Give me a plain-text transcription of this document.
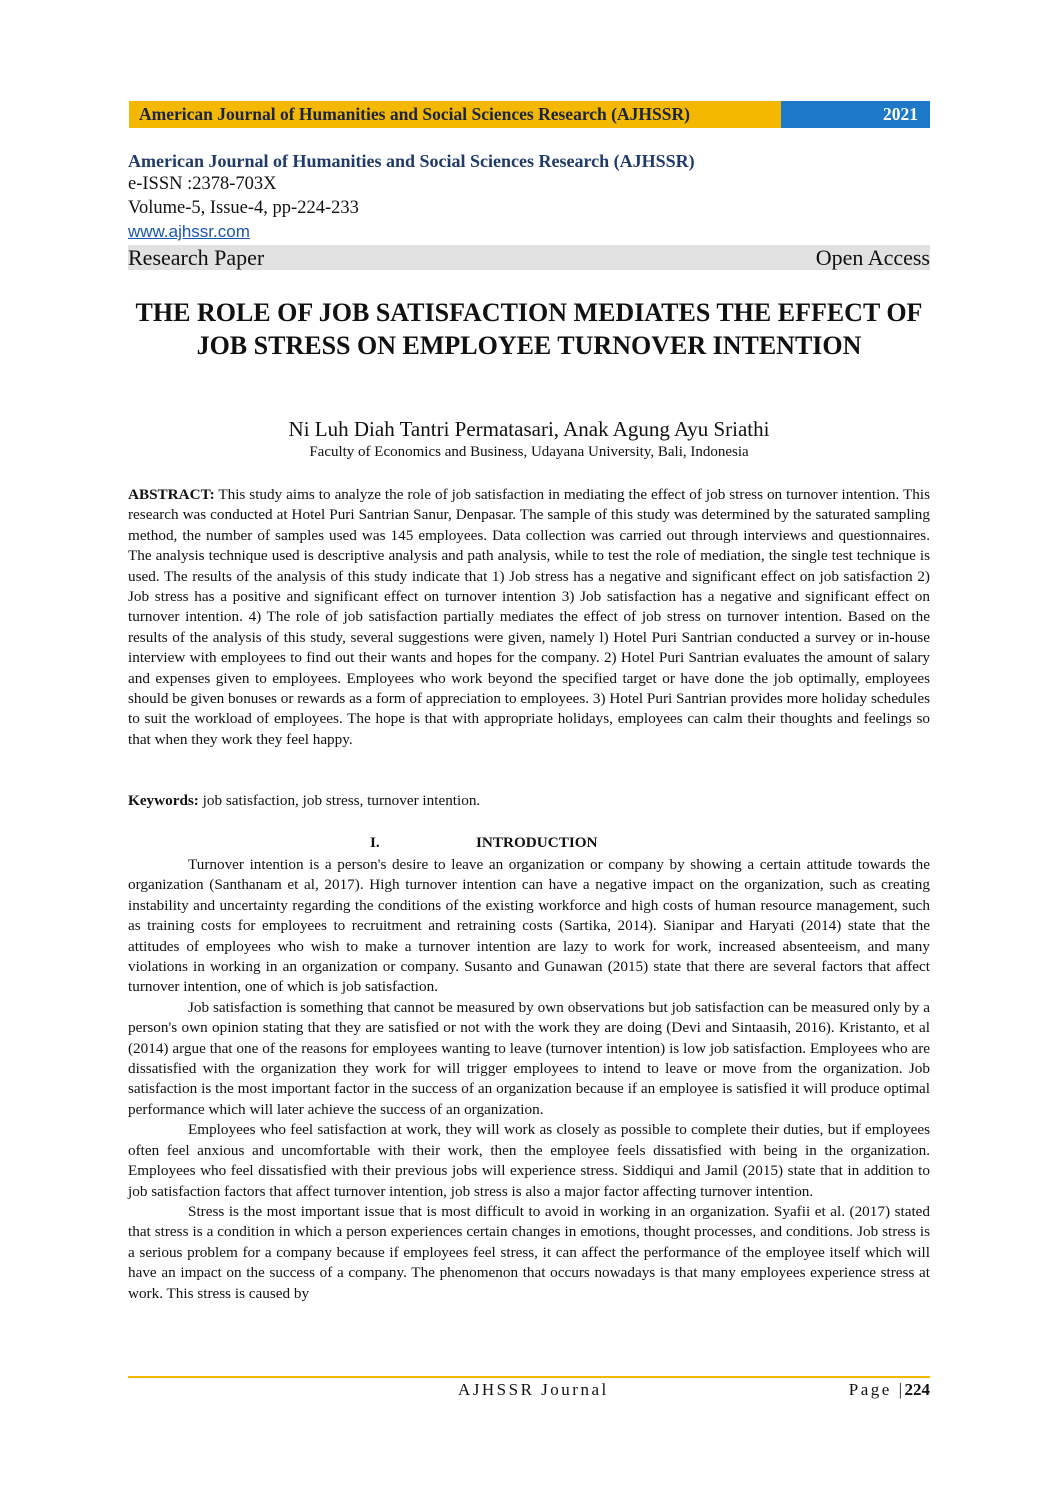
American Journal of Humanities and Social Sciences Research (AJHSSR)	2021
American Journal of Humanities and Social Sciences Research (AJHSSR)
e-ISSN :2378-703X
Volume-5, Issue-4, pp-224-233
www.ajhssr.com
Research Paper	Open Access
THE ROLE OF JOB SATISFACTION MEDIATES THE EFFECT OF JOB STRESS ON EMPLOYEE TURNOVER INTENTION
Ni Luh Diah Tantri Permatasari, Anak Agung Ayu Sriathi
Faculty of Economics and Business, Udayana University, Bali, Indonesia
ABSTRACT: This study aims to analyze the role of job satisfaction in mediating the effect of job stress on turnover intention. This research was conducted at Hotel Puri Santrian Sanur, Denpasar. The sample of this study was determined by the saturated sampling method, the number of samples used was 145 employees. Data collection was carried out through interviews and questionnaires. The analysis technique used is descriptive analysis and path analysis, while to test the role of mediation, the single test technique is used. The results of the analysis of this study indicate that 1) Job stress has a negative and significant effect on job satisfaction 2) Job stress has a positive and significant effect on turnover intention 3) Job satisfaction has a negative and significant effect on turnover intention. 4) The role of job satisfaction partially mediates the effect of job stress on turnover intention. Based on the results of the analysis of this study, several suggestions were given, namely l) Hotel Puri Santrian conducted a survey or in-house interview with employees to find out their wants and hopes for the company. 2) Hotel Puri Santrian evaluates the amount of salary and expenses given to employees. Employees who work beyond the specified target or have done the job optimally, employees should be given bonuses or rewards as a form of appreciation to employees. 3) Hotel Puri Santrian provides more holiday schedules to suit the workload of employees. The hope is that with appropriate holidays, employees can calm their thoughts and feelings so that when they work they feel happy.
Keywords: job satisfaction, job stress, turnover intention.
I.	INTRODUCTION

Turnover intention is a person's desire to leave an organization or company by showing a certain attitude towards the organization (Santhanam et al, 2017). High turnover intention can have a negative impact on the organization, such as creating instability and uncertainty regarding the conditions of the existing workforce and high costs of human resource management, such as training costs for employees to recruitment and retraining costs (Sartika, 2014). Sianipar and Haryati (2014) state that the attitudes of employees who wish to make a turnover intention are lazy to work for work, increased absenteeism, and many violations in working in an organization or company. Susanto and Gunawan (2015) state that there are several factors that affect turnover intention, one of which is job satisfaction.

Job satisfaction is something that cannot be measured by own observations but job satisfaction can be measured only by a person's own opinion stating that they are satisfied or not with the work they are doing (Devi and Sintaasih, 2016). Kristanto, et al (2014) argue that one of the reasons for employees wanting to leave (turnover intention) is low job satisfaction. Employees who are dissatisfied with the organization they work for will trigger employees to intend to leave or move from the organization. Job satisfaction is the most important factor in the success of an organization because if an employee is satisfied it will produce optimal performance which will later achieve the success of an organization.

Employees who feel satisfaction at work, they will work as closely as possible to complete their duties, but if employees often feel anxious and uncomfortable with their work, then the employee feels dissatisfied with being in the organization. Employees who feel dissatisfied with their previous jobs will experience stress. Siddiqui and Jamil (2015) state that in addition to job satisfaction factors that affect turnover intention, job stress is also a major factor affecting turnover intention.

Stress is the most important issue that is most difficult to avoid in working in an organization. Syafii et al. (2017) stated that stress is a condition in which a person experiences certain changes in emotions, thought processes, and conditions. Job stress is a serious problem for a company because if employees feel stress, it can affect the performance of the employee itself which will have an impact on the success of a company. The phenomenon that occurs nowadays is that many employees experience stress at work. This stress is caused by

AJHSSR Journal	Page |224
